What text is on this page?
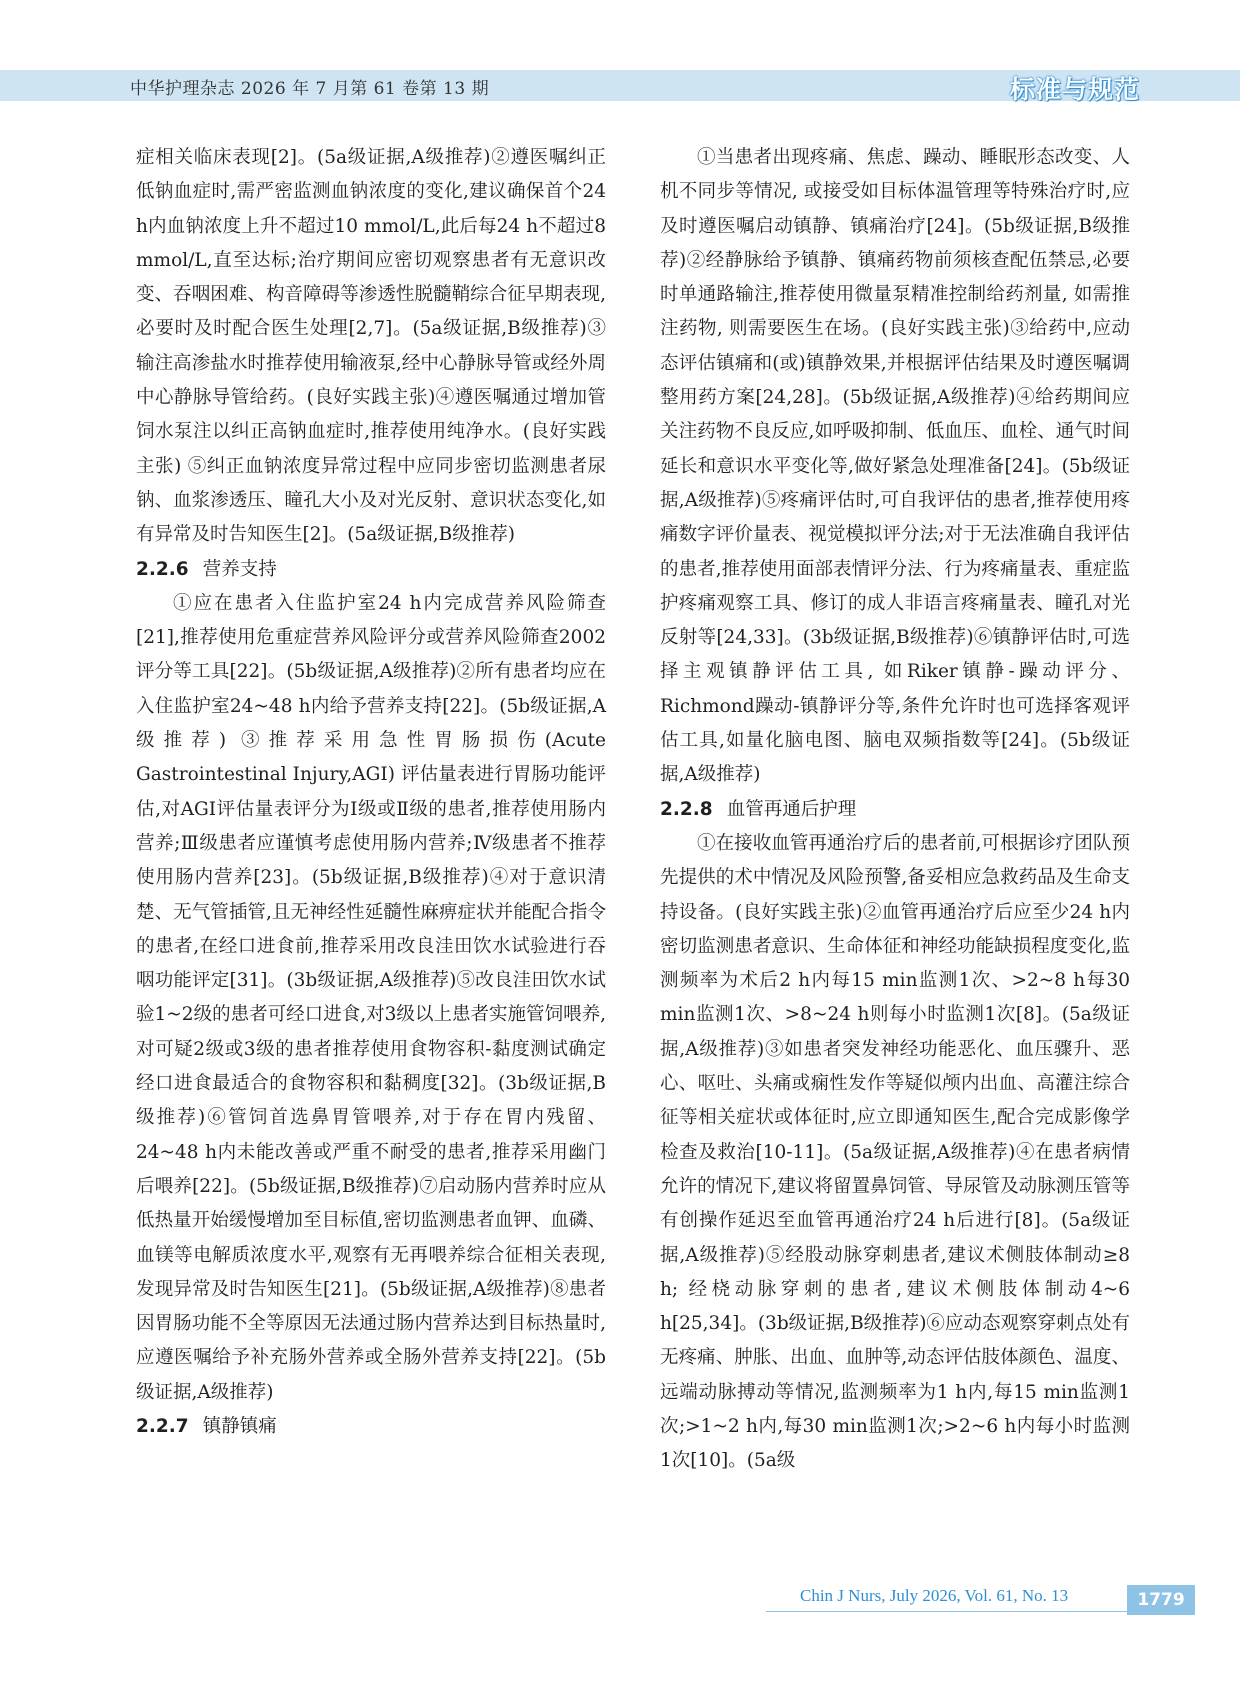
中华护理杂志 2026 年 7 月第 61 卷第 13 期	标准与规范

症相关临床表现[2]。(5a级证据,A级推荐)②遵医嘱纠正低钠血症时,需严密监测血钠浓度的变化,建议确保首个24 h内血钠浓度上升不超过10 mmol/L,此后每24 h不超过8 mmol/L,直至达标;治疗期间应密切观察患者有无意识改变、吞咽困难、构音障碍等渗透性脱髓鞘综合征早期表现,必要时及时配合医生处理[2,7]。(5a级证据,B级推荐)③输注高渗盐水时推荐使用输液泵,经中心静脉导管或经外周中心静脉导管给药。(良好实践主张)④遵医嘱通过增加管饲水泵注以纠正高钠血症时,推荐使用纯净水。(良好实践主张) ⑤纠正血钠浓度异常过程中应同步密切监测患者尿钠、血浆渗透压、瞳孔大小及对光反射、意识状态变化,如有异常及时告知医生[2]。(5a级证据,B级推荐)

2.2.6 营养支持

①应在患者入住监护室24 h内完成营养风险筛查[21],推荐使用危重症营养风险评分或营养风险筛查2002评分等工具[22]。(5b级证据,A级推荐)②所有患者均应在入住监护室24~48 h内给予营养支持[22]。(5b级证据,A级推荐) ③推荐采用急性胃肠损伤(Acute Gastrointestinal Injury,AGI) 评估量表进行胃肠功能评估,对AGI评估量表评分为Ⅰ级或Ⅱ级的患者,推荐使用肠内营养;Ⅲ级患者应谨慎考虑使用肠内营养;Ⅳ级患者不推荐使用肠内营养[23]。(5b级证据,B级推荐)④对于意识清楚、无气管插管,且无神经性延髓性麻痹症状并能配合指令的患者,在经口进食前,推荐采用改良洼田饮水试验进行吞咽功能评定[31]。(3b级证据,A级推荐)⑤改良洼田饮水试验1~2级的患者可经口进食,对3级以上患者实施管饲喂养,对可疑2级或3级的患者推荐使用食物容积-黏度测试确定经口进食最适合的食物容积和黏稠度[32]。(3b级证据,B级推荐)⑥管饲首选鼻胃管喂养,对于存在胃内残留、24~48 h内未能改善或严重不耐受的患者,推荐采用幽门后喂养[22]。(5b级证据,B级推荐)⑦启动肠内营养时应从低热量开始缓慢增加至目标值,密切监测患者血钾、血磷、血镁等电解质浓度水平,观察有无再喂养综合征相关表现,发现异常及时告知医生[21]。(5b级证据,A级推荐)⑧患者因胃肠功能不全等原因无法通过肠内营养达到目标热量时,应遵医嘱给予补充肠外营养或全肠外营养支持[22]。(5b级证据,A级推荐)

2.2.7 镇静镇痛

①当患者出现疼痛、焦虑、躁动、睡眠形态改变、人机不同步等情况, 或接受如目标体温管理等特殊治疗时,应及时遵医嘱启动镇静、镇痛治疗[24]。(5b级证据,B级推荐)②经静脉给予镇静、镇痛药物前须核查配伍禁忌,必要时单通路输注,推荐使用微量泵精准控制给药剂量, 如需推注药物, 则需要医生在场。(良好实践主张)③给药中,应动态评估镇痛和(或)镇静效果,并根据评估结果及时遵医嘱调整用药方案[24,28]。(5b级证据,A级推荐)④给药期间应关注药物不良反应,如呼吸抑制、低血压、血栓、通气时间延长和意识水平变化等,做好紧急处理准备[24]。(5b级证据,A级推荐)⑤疼痛评估时,可自我评估的患者,推荐使用疼痛数字评价量表、视觉模拟评分法;对于无法准确自我评估的患者,推荐使用面部表情评分法、行为疼痛量表、重症监护疼痛观察工具、修订的成人非语言疼痛量表、瞳孔对光反射等[24,33]。(3b级证据,B级推荐)⑥镇静评估时,可选择主观镇静评估工具, 如Riker镇静-躁动评分、Richmond躁动-镇静评分等,条件允许时也可选择客观评估工具,如量化脑电图、脑电双频指数等[24]。(5b级证据,A级推荐)

2.2.8 血管再通后护理

①在接收血管再通治疗后的患者前,可根据诊疗团队预先提供的术中情况及风险预警,备妥相应急救药品及生命支持设备。(良好实践主张)②血管再通治疗后应至少24 h内密切监测患者意识、生命体征和神经功能缺损程度变化,监测频率为术后2 h内每15 min监测1次、>2~8 h每30 min监测1次、>8~24 h则每小时监测1次[8]。(5a级证据,A级推荐)③如患者突发神经功能恶化、血压骤升、恶心、呕吐、头痛或痫性发作等疑似颅内出血、高灌注综合征等相关症状或体征时,应立即通知医生,配合完成影像学检查及救治[10-11]。(5a级证据,A级推荐)④在患者病情允许的情况下,建议将留置鼻饲管、导尿管及动脉测压管等有创操作延迟至血管再通治疗24 h后进行[8]。(5a级证据,A级推荐)⑤经股动脉穿刺患者,建议术侧肢体制动≥8 h; 经桡动脉穿刺的患者,建议术侧肢体制动4~6 h[25,34]。(3b级证据,B级推荐)⑥应动态观察穿刺点处有无疼痛、肿胀、出血、血肿等,动态评估肢体颜色、温度、远端动脉搏动等情况,监测频率为1 h内,每15 min监测1次;>1~2 h内,每30 min监测1次;>2~6 h内每小时监测1次[10]。(5a级

Chin J Nurs, July 2026, Vol. 61, No. 13	1779
